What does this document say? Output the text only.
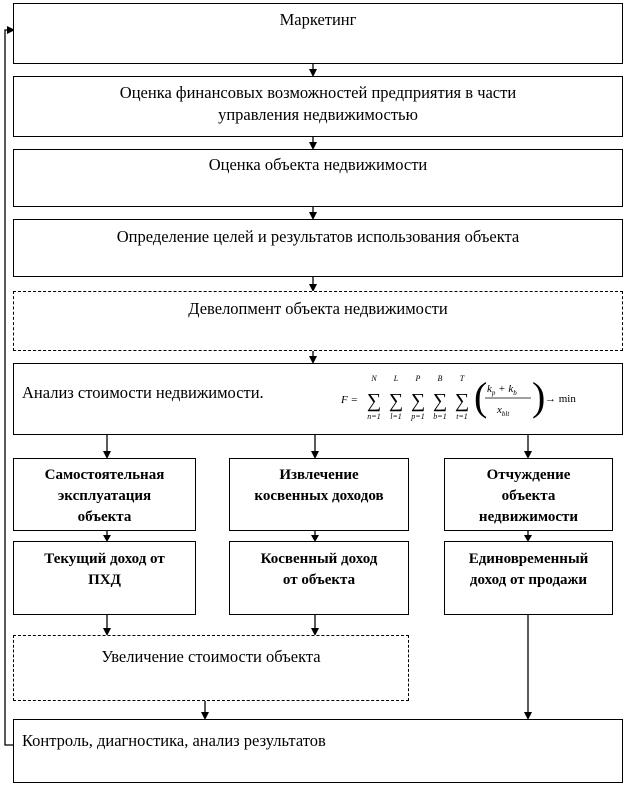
Маркетинг
Оценка финансовых возможностей предприятия в части
управления недвижимостью
Оценка объекта недвижимости
Определение целей и результатов использования объекта
Девелопмент объекта недвижимости
Анализ стоимости недвижимости.	F =
N
∑
n=1
L
∑
l=1
P
∑
p=1
B
∑
b=1
T
∑
t=1 ( $k_p + k_b$
$x_{blt}$ ) → min
Самостоятельная
эксплуатация
объекта
Извлечение
косвенных доходов
Отчуждение
объекта
недвижимости
Текущий доход от
ПХД
Косвенный доход
от объекта
Единовременный
доход от продажи
Увеличение стоимости объекта
Контроль, диагностика, анализ результатов
